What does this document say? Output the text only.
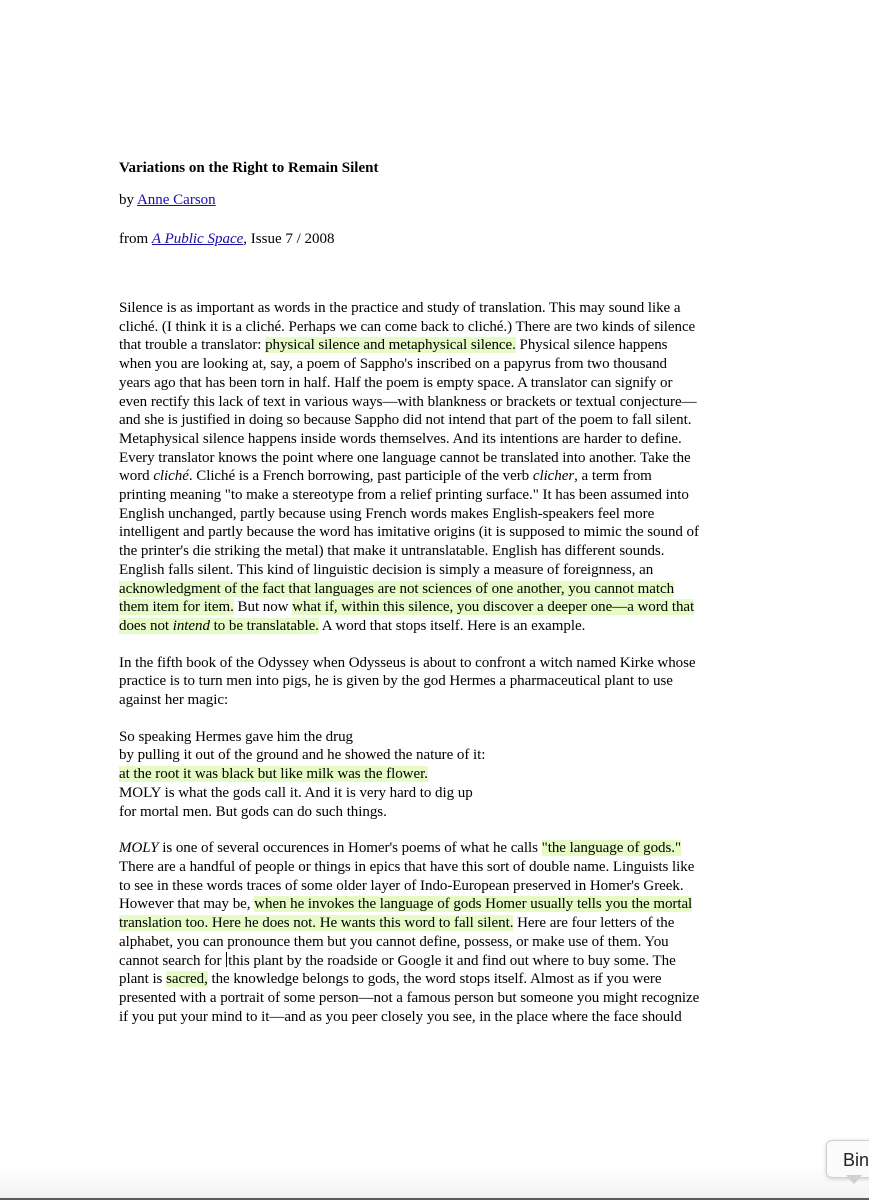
Variations on the Right to Remain Silent
by Anne Carson
from A Public Space, Issue 7 / 2008
Silence is as important as words in the practice and study of translation. This may sound like a
cliché. (I think it is a cliché. Perhaps we can come back to cliché.) There are two kinds of silence
that trouble a translator: physical silence and metaphysical silence. Physical silence happens
when you are looking at, say, a poem of Sappho's inscribed on a papyrus from two thousand
years ago that has been torn in half. Half the poem is empty space. A translator can signify or
even rectify this lack of text in various ways—with blankness or brackets or textual conjecture—
and she is justified in doing so because Sappho did not intend that part of the poem to fall silent.
Metaphysical silence happens inside words themselves. And its intentions are harder to define.
Every translator knows the point where one language cannot be translated into another. Take the
word cliché. Cliché is a French borrowing, past participle of the verb clicher, a term from
printing meaning "to make a stereotype from a relief printing surface." It has been assumed into
English unchanged, partly because using French words makes English-speakers feel more
intelligent and partly because the word has imitative origins (it is supposed to mimic the sound of
the printer's die striking the metal) that make it untranslatable. English has different sounds.
English falls silent. This kind of linguistic decision is simply a measure of foreignness, an
acknowledgment of the fact that languages are not sciences of one another, you cannot match
them item for item. But now what if, within this silence, you discover a deeper one—a word that
does not intend to be translatable. A word that stops itself. Here is an example.
In the fifth book of the Odyssey when Odysseus is about to confront a witch named Kirke whose
practice is to turn men into pigs, he is given by the god Hermes a pharmaceutical plant to use
against her magic:
So speaking Hermes gave him the drug
by pulling it out of the ground and he showed the nature of it:
at the root it was black but like milk was the flower.
MOLY is what the gods call it. And it is very hard to dig up
for mortal men. But gods can do such things.
MOLY is one of several occurences in Homer's poems of what he calls "the language of gods."
There are a handful of people or things in epics that have this sort of double name. Linguists like
to see in these words traces of some older layer of Indo-European preserved in Homer's Greek.
However that may be, when he invokes the language of gods Homer usually tells you the mortal
translation too. Here he does not. He wants this word to fall silent. Here are four letters of the
alphabet, you can pronounce them but you cannot define, possess, or make use of them. You
cannot search for this plant by the roadside or Google it and find out where to buy some. The
plant is sacred, the knowledge belongs to gods, the word stops itself. Almost as if you were
presented with a portrait of some person—not a famous person but someone you might recognize
if you put your mind to it—and as you peer closely you see, in the place where the face should
Bin
